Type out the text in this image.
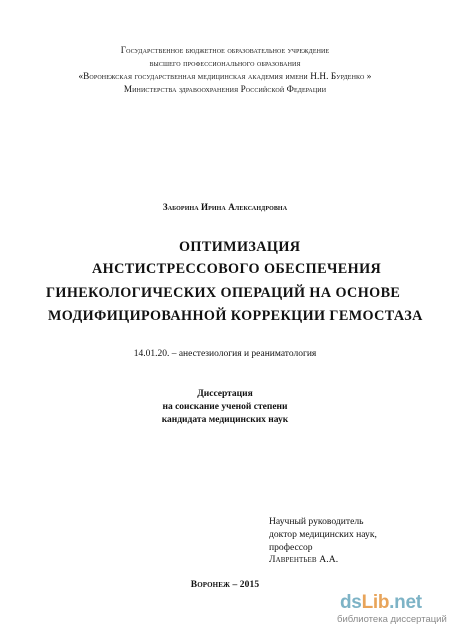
Государственное бюджетное образовательное учреждение
высшего профессионального образования
«Воронежская государственная медицинская академия имени Н.Н. Бурденко »
Министерства здравоохранения Российской Федерации
Заборина Ирина Александровна
ОПТИМИЗАЦИЯ
АНСТИСТРЕССОВОГО ОБЕСПЕЧЕНИЯ
ГИНЕКОЛОГИЧЕСКИХ ОПЕРАЦИЙ НА ОСНОВЕ
МОДИФИЦИРОВАННОЙ КОРРЕКЦИИ ГЕМОСТАЗА
14.01.20. – анестезиология и реаниматология
Диссертация
на соискание ученой степени
кандидата медицинских наук
Научный руководитель
доктор медицинских наук,
профессор
Лаврентьев А.А.
Воронеж – 2015
dsLib.net
библиотека диссертаций
